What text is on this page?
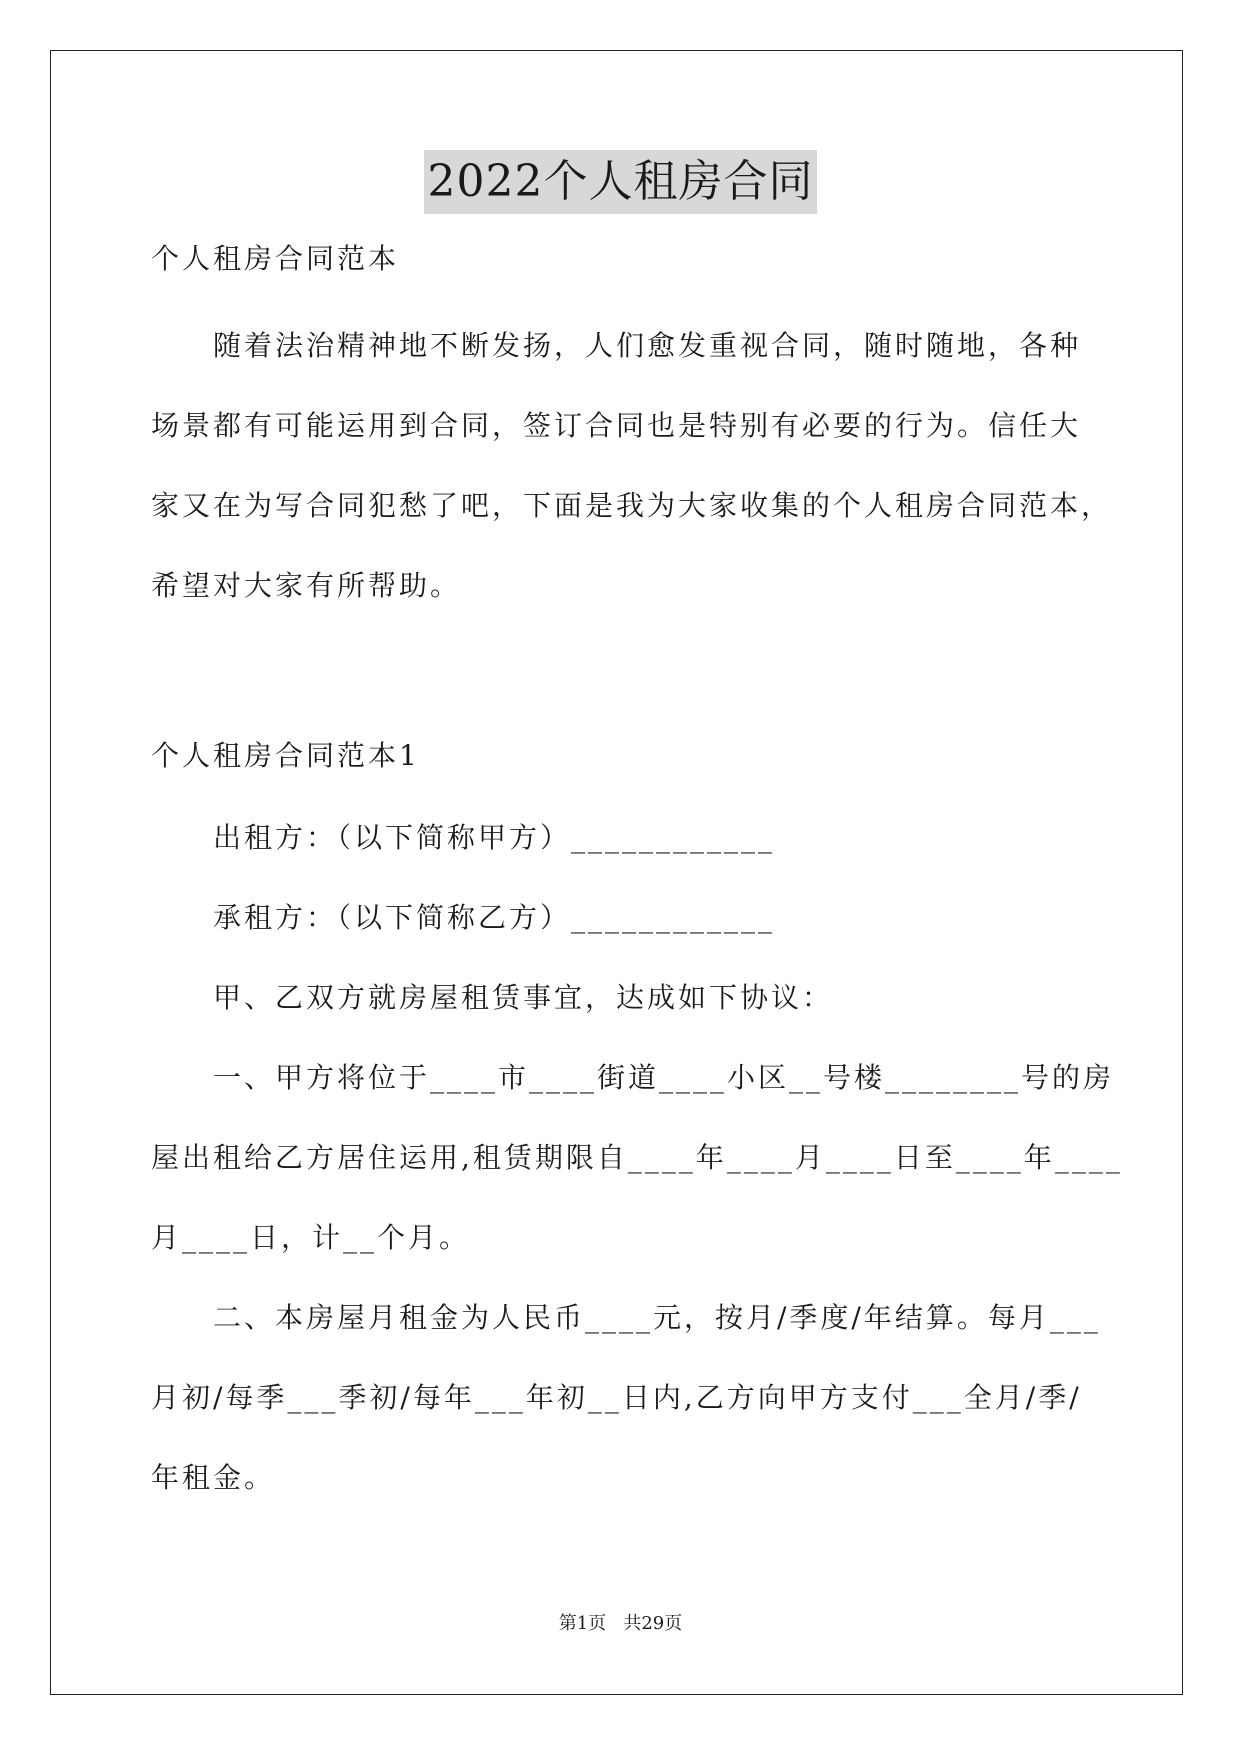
2022个人租房合同
个人租房合同范本
随着法治精神地不断发扬，人们愈发重视合同，随时随地，各种
场景都有可能运用到合同，签订合同也是特别有必要的行为。信任大
家又在为写合同犯愁了吧，下面是我为大家收集的个人租房合同范本，
希望对大家有所帮助。
个人租房合同范本1
出租方：（以下简称甲方）____________
承租方：（以下简称乙方）____________
甲、乙双方就房屋租赁事宜，达成如下协议：
一、甲方将位于____市____街道____小区__号楼________号的房
屋出租给乙方居住运用,租赁期限自____年____月____日至____年____
月____日，计__个月。
二、本房屋月租金为人民币____元，按月/季度/年结算。每月___
月初/每季___季初/每年___年初__日内,乙方向甲方支付___全月/季/
年租金。
第1页   共29页
